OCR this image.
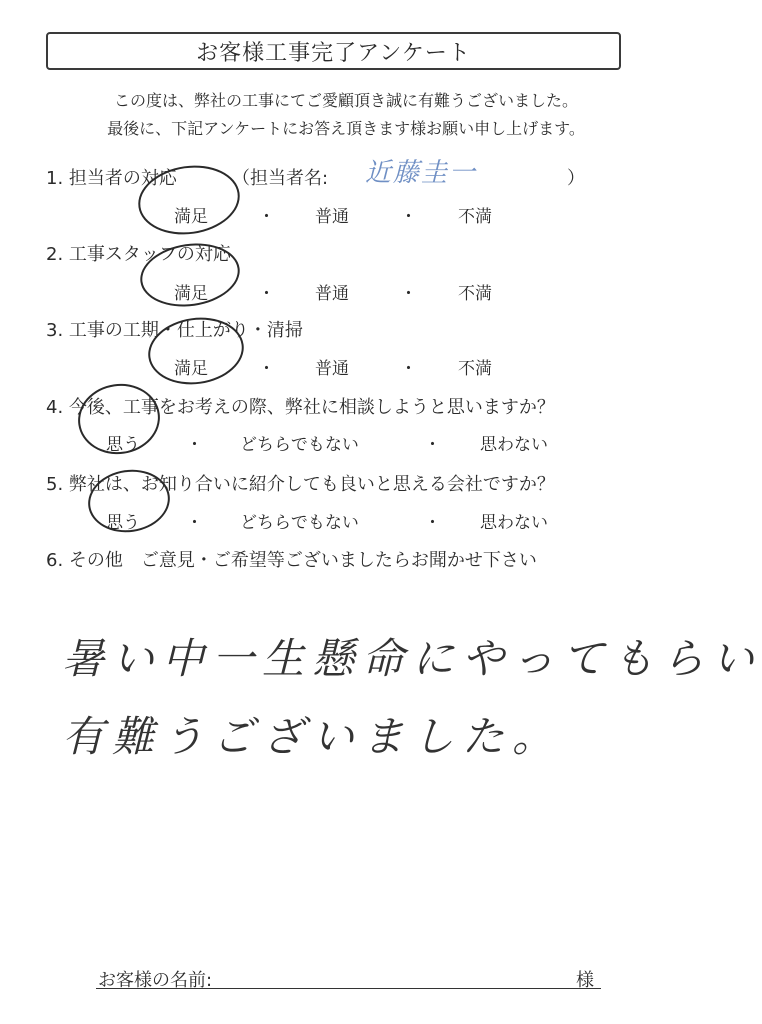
お客様工事完了アンケート
この度は、弊社の工事にてご愛顧頂き誠に有難うございました。
最後に、下記アンケートにお答え頂きます様お願い申し上げます。
1. 担当者の対応	（担当者名: 近藤圭一	）
満足	・ 普通	・ 不満
2. 工事スタッフの対応
満足	・ 普通	・ 不満
3. 工事の工期・仕上がり・清掃
満足	・ 普通	・ 不満
4. 今後、工事をお考えの際、弊社に相談しようと思いますか？
思う	・ どちらでもない	・ 思わない
5. 弊社は、お知り合いに紹介しても良いと思える会社ですか？
思う	・ どちらでもない	・ 思わない
6. その他　ご意見・ご希望等ございましたらお聞かせ下さい
暑い中一生懸命にやってもらい
有難うございました。
お客様の名前:	様
